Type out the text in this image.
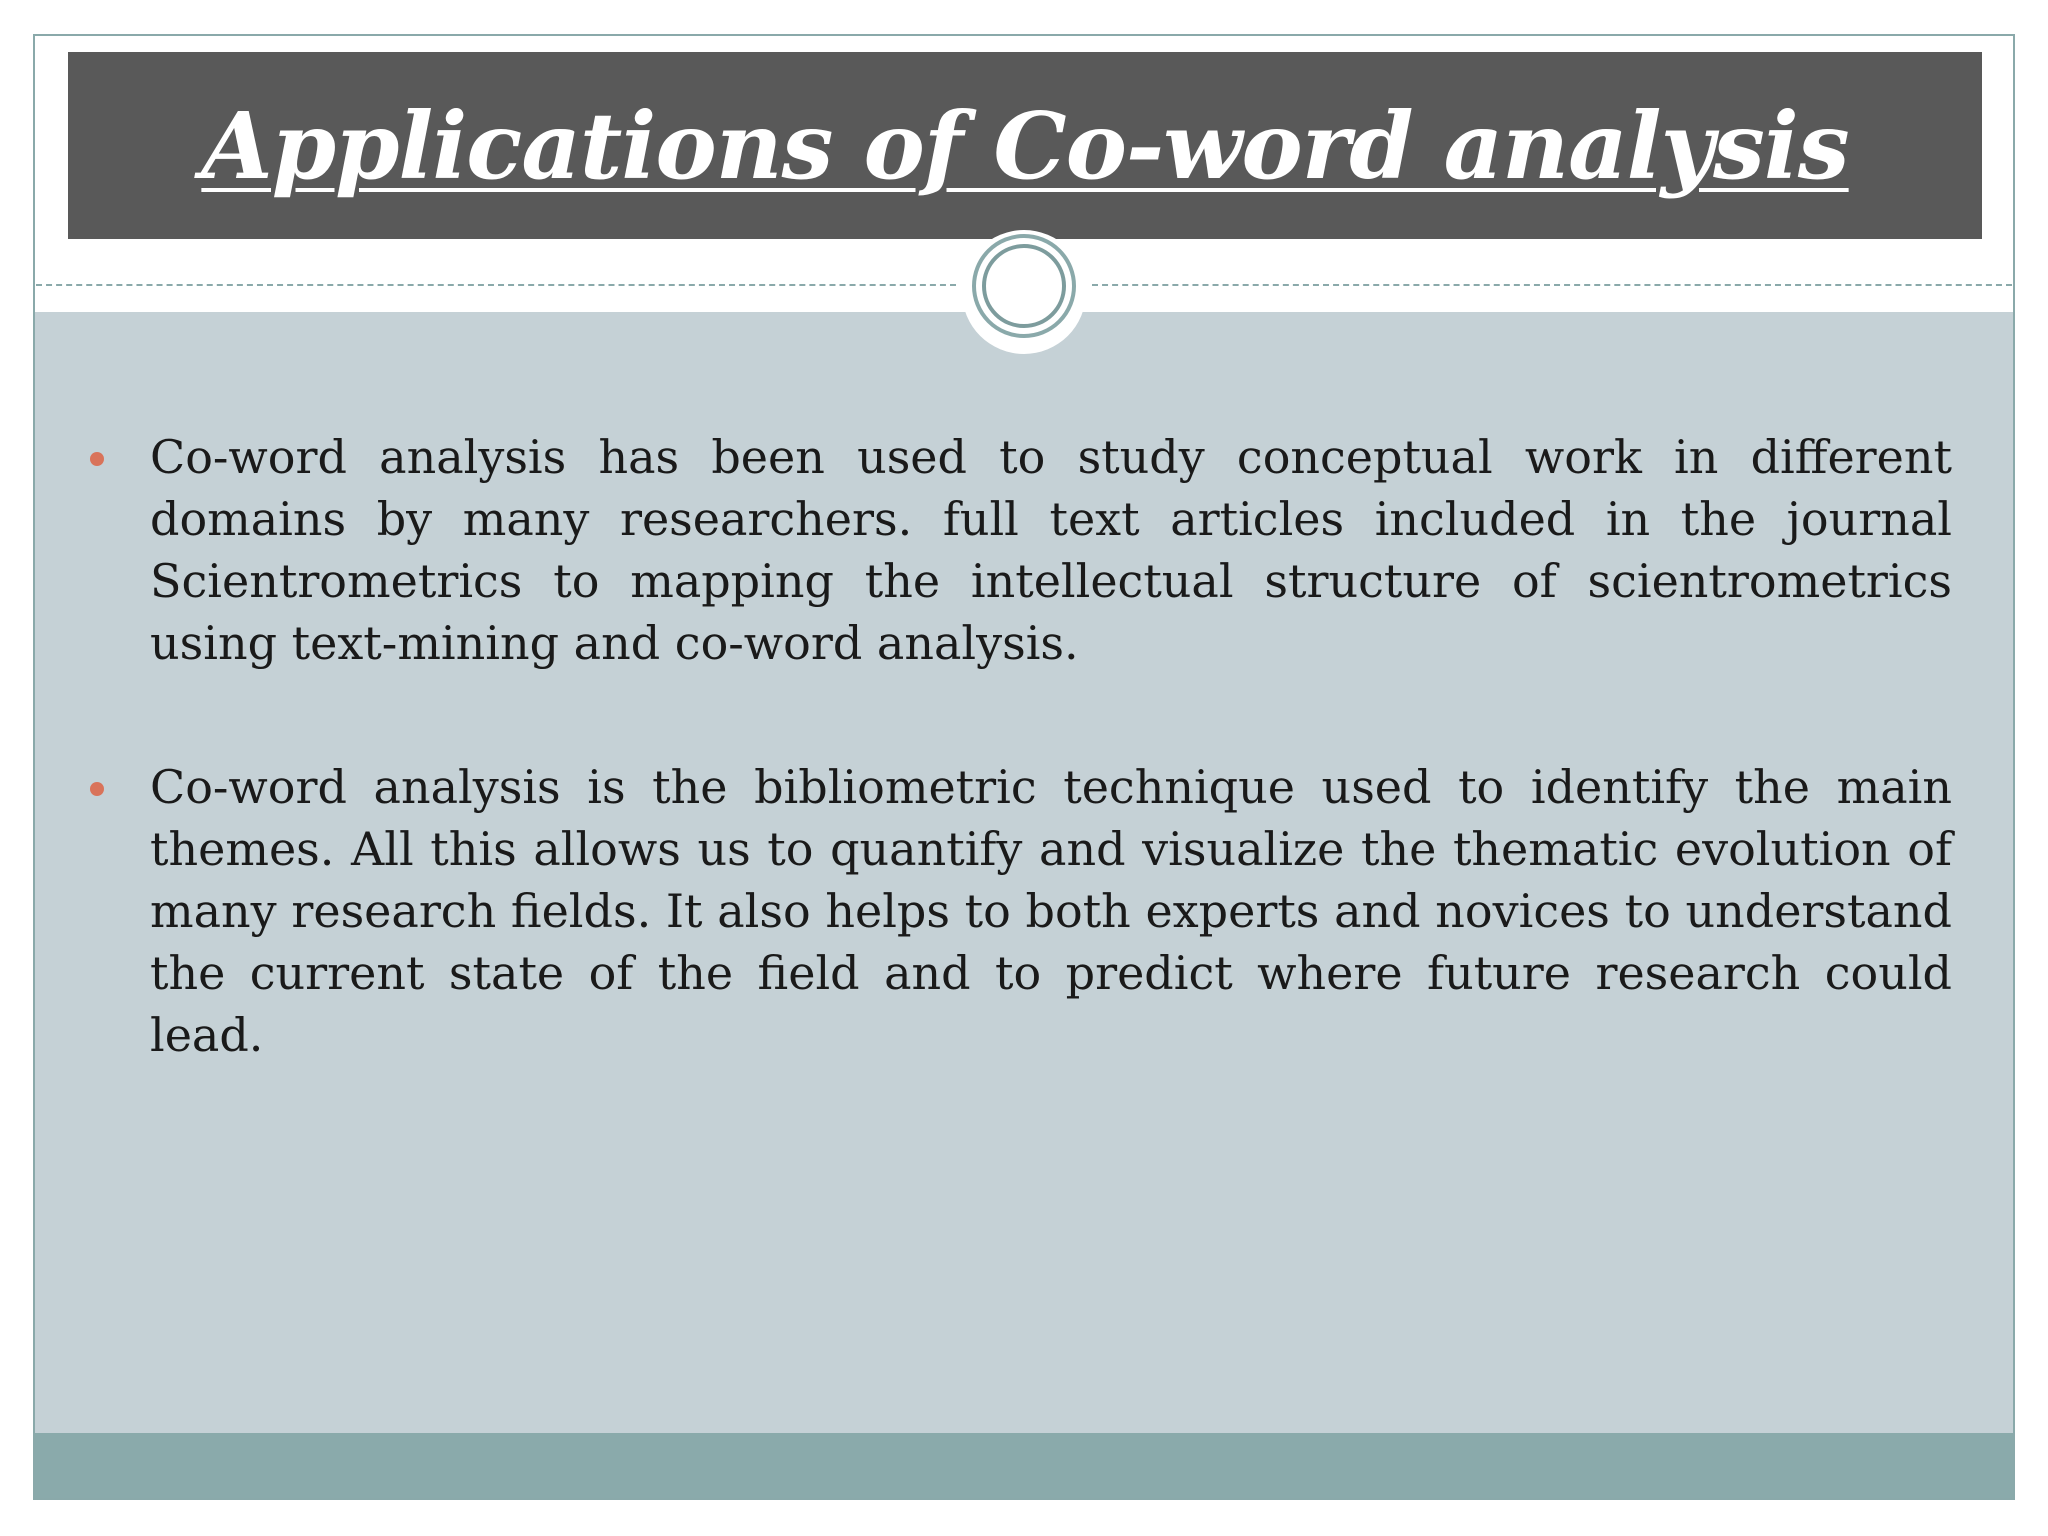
Applications of Co-word analysis
Co-word analysis has been used to study conceptual work in different domains by many researchers. full text articles included in the journal Scientrometrics to mapping the intellectual structure of scientrometrics using text-mining and co-word analysis.
Co-word analysis is the bibliometric technique used to identify the main themes. All this allows us to quantify and visualize the thematic evolution of many research fields. It also helps to both experts and novices to understand the current state of the field and to predict where future research could lead.
